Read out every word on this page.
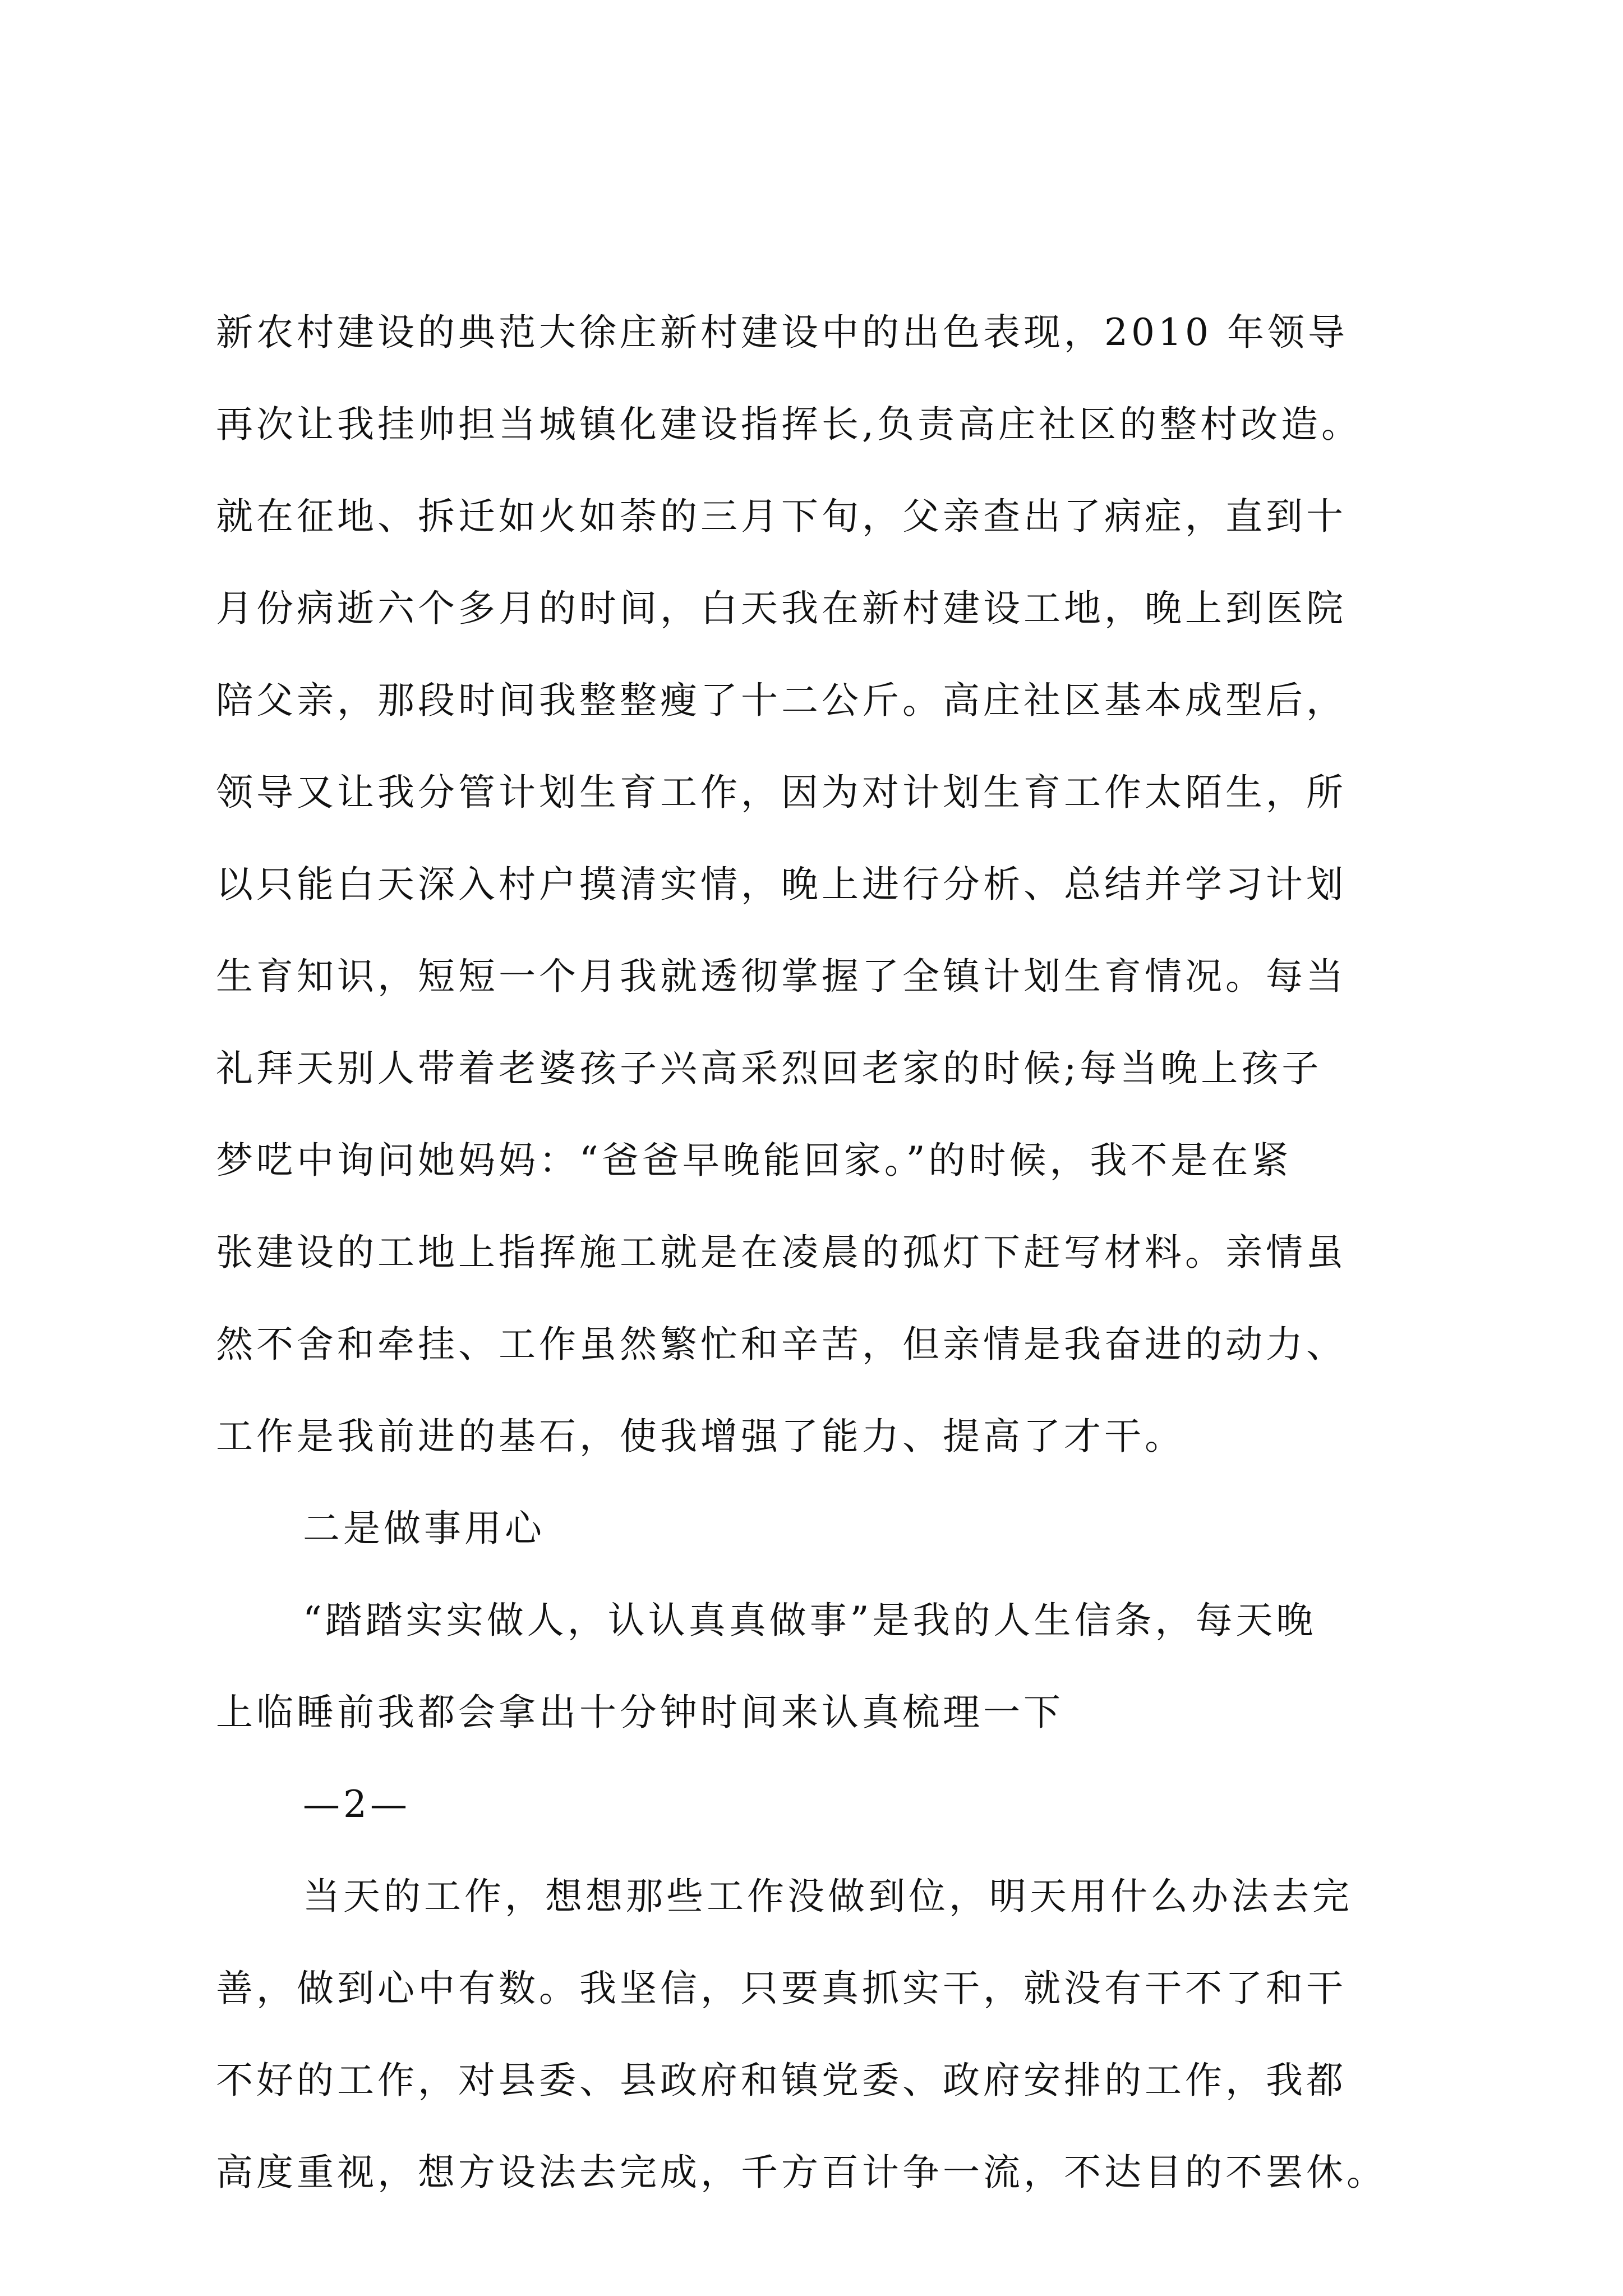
新农村建设的典范大徐庄新村建设中的出色表现，2010 年领导
再次让我挂帅担当城镇化建设指挥长,负责高庄社区的整村改造。
就在征地、拆迁如火如荼的三月下旬，父亲查出了病症，直到十
月份病逝六个多月的时间，白天我在新村建设工地，晚上到医院
陪父亲，那段时间我整整瘦了十二公斤。高庄社区基本成型后，
领导又让我分管计划生育工作，因为对计划生育工作太陌生，所
以只能白天深入村户摸清实情，晚上进行分析、总结并学习计划
生育知识，短短一个月我就透彻掌握了全镇计划生育情况。每当
礼拜天别人带着老婆孩子兴高采烈回老家的时候;每当晚上孩子
梦呓中询问她妈妈：“爸爸早晚能回家。”的时候，我不是在紧
张建设的工地上指挥施工就是在凌晨的孤灯下赶写材料。亲情虽
然不舍和牵挂、工作虽然繁忙和辛苦，但亲情是我奋进的动力、
工作是我前进的基石，使我增强了能力、提高了才干。
二是做事用心
“踏踏实实做人，认认真真做事”是我的人生信条，每天晚
上临睡前我都会拿出十分钟时间来认真梳理一下
—2—
当天的工作，想想那些工作没做到位，明天用什么办法去完
善，做到心中有数。我坚信，只要真抓实干，就没有干不了和干
不好的工作，对县委、县政府和镇党委、政府安排的工作，我都
高度重视，想方设法去完成，千方百计争一流，不达目的不罢休。
